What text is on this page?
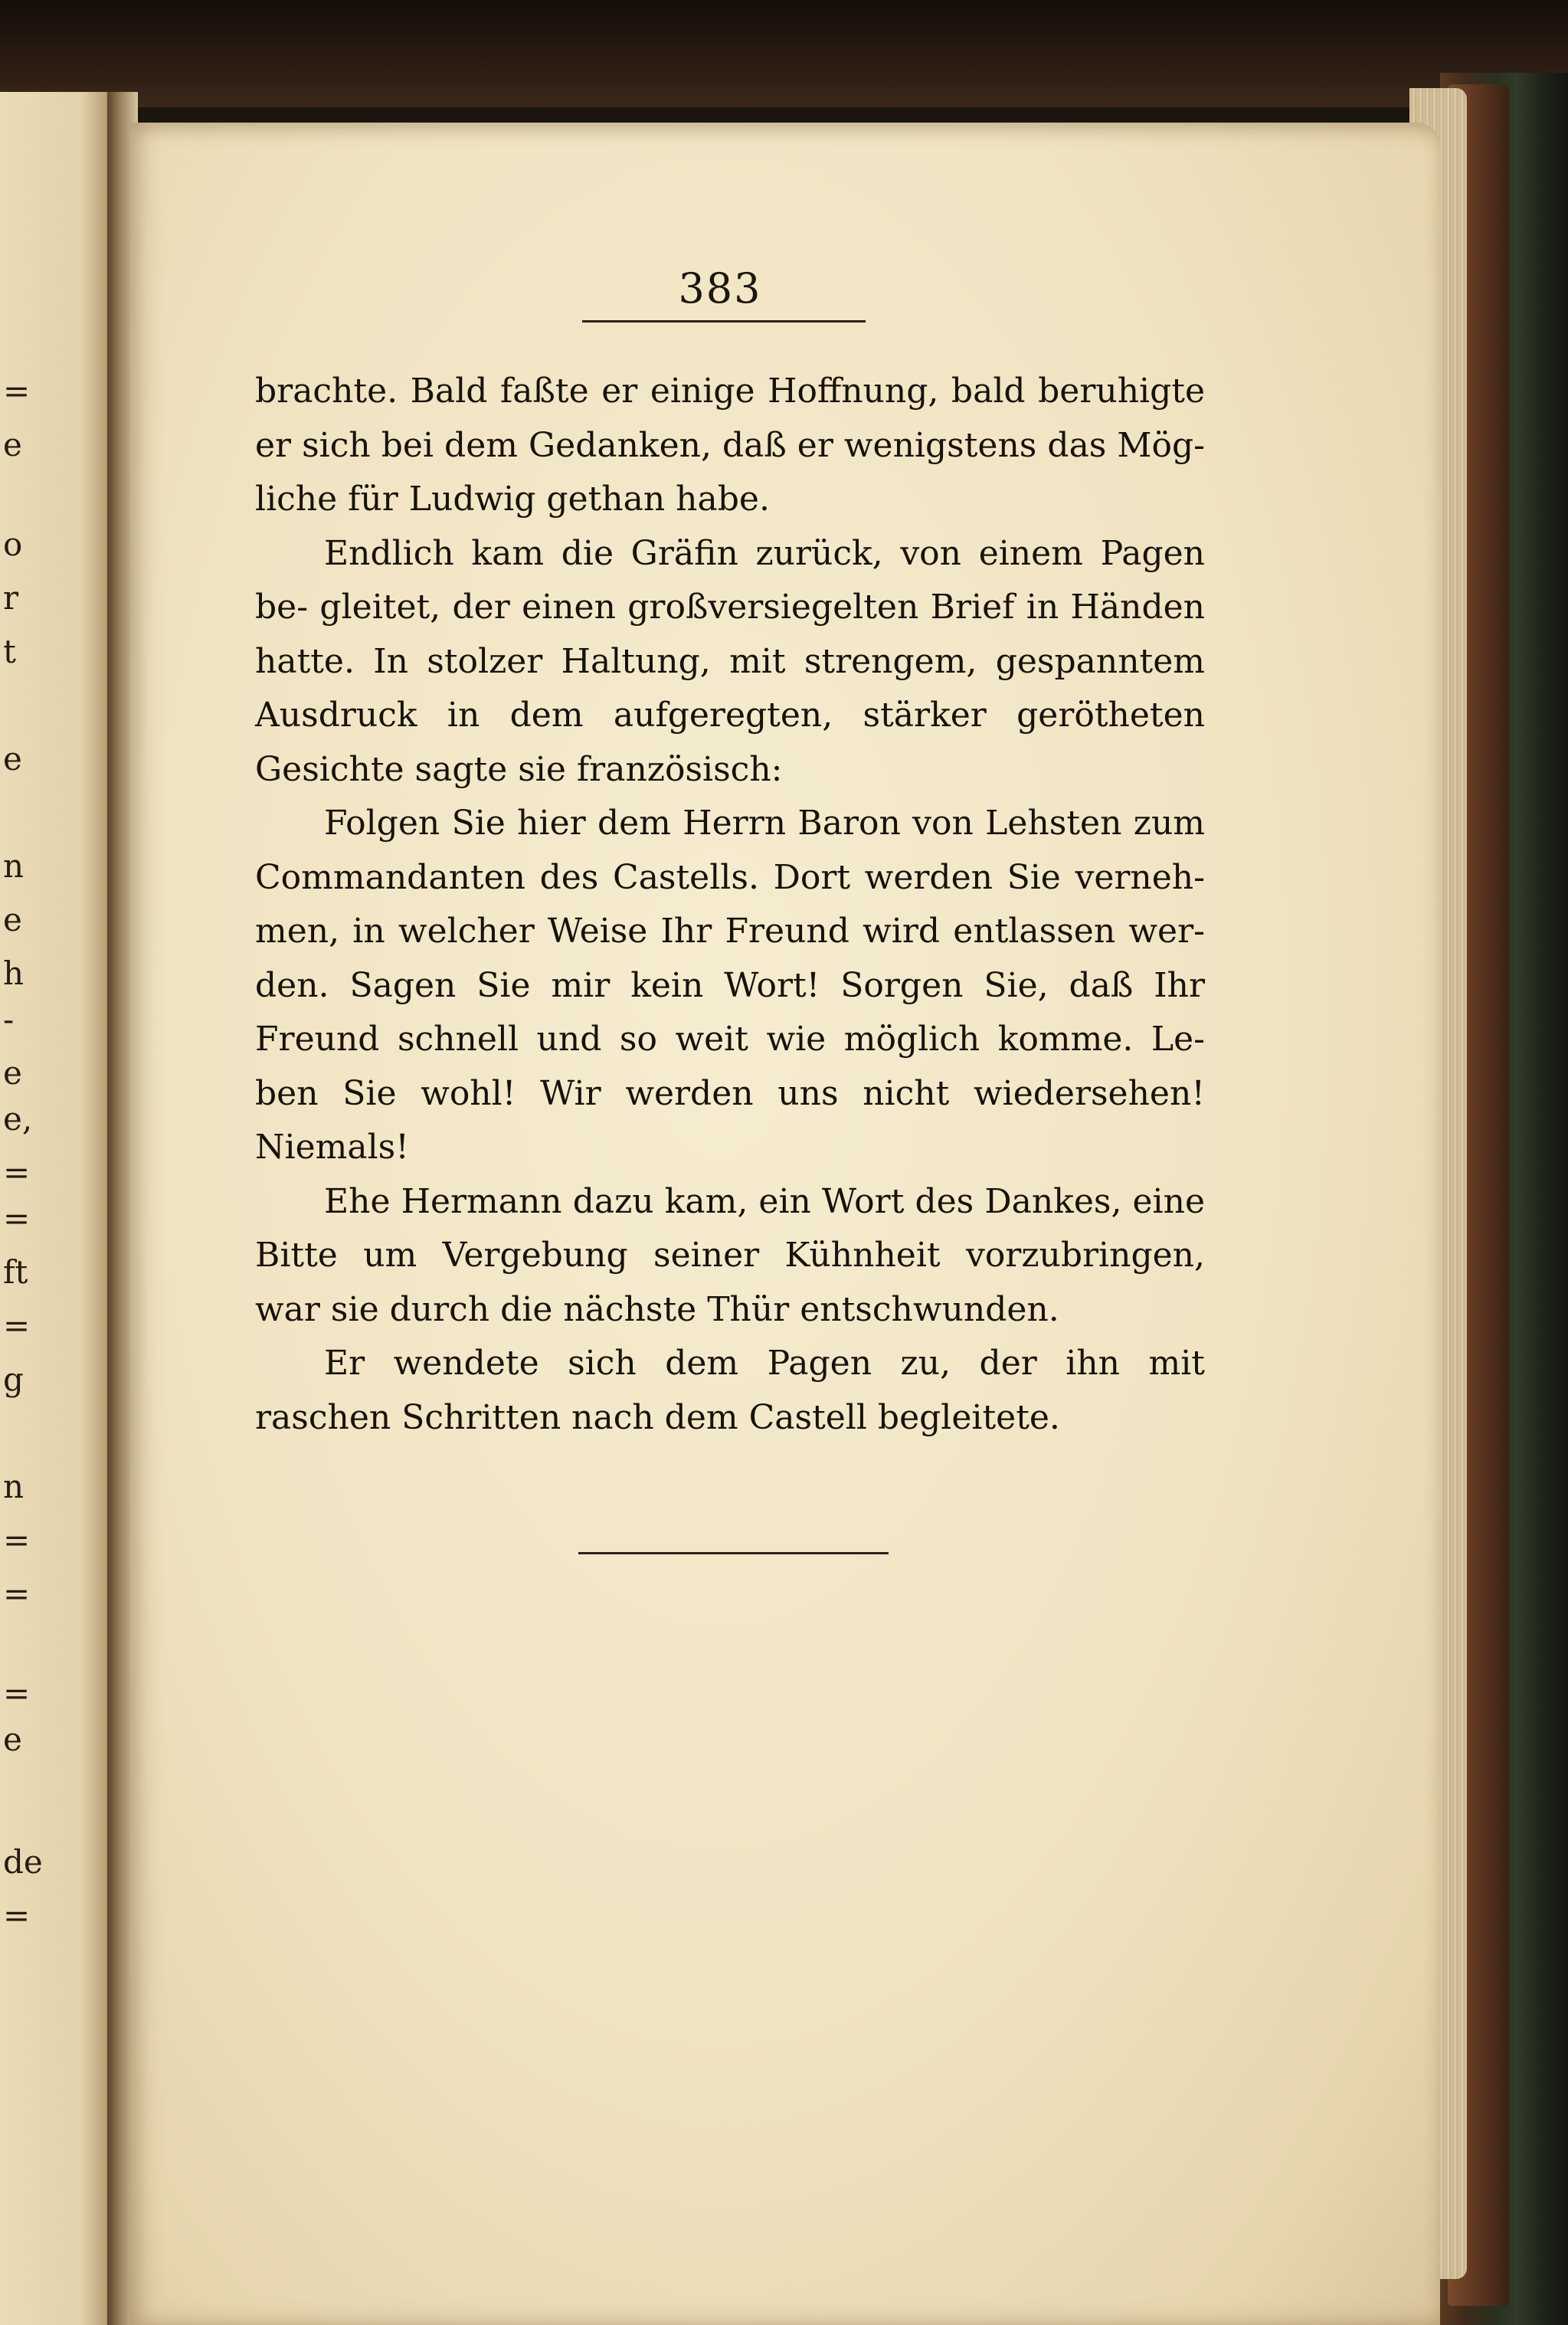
=
e
o
r
t
e
n
e
h
-
e
e,
=
=
ft
=
g
n
=
=
=
e
de
=
383

brachte. Bald faßte er einige Hoffnung, bald beruhigte er sich bei dem Gedanken, daß er wenigstens das Mög- liche für Ludwig gethan habe.

Endlich kam die Gräfin zurück, von einem Pagen be- gleitet, der einen großversiegelten Brief in Händen hatte. In stolzer Haltung, mit strengem, gespanntem Ausdruck in dem aufgeregten, stärker gerötheten Gesichte sagte sie französisch:

Folgen Sie hier dem Herrn Baron von Lehsten zum Commandanten des Castells. Dort werden Sie verneh- men, in welcher Weise Ihr Freund wird entlassen wer- den. Sagen Sie mir kein Wort! Sorgen Sie, daß Ihr Freund schnell und so weit wie möglich komme. Le- ben Sie wohl! Wir werden uns nicht wiedersehen! Niemals!

Ehe Hermann dazu kam, ein Wort des Dankes, eine Bitte um Vergebung seiner Kühnheit vorzubringen, war sie durch die nächste Thür entschwunden.

Er wendete sich dem Pagen zu, der ihn mit raschen Schritten nach dem Castell begleitete.
